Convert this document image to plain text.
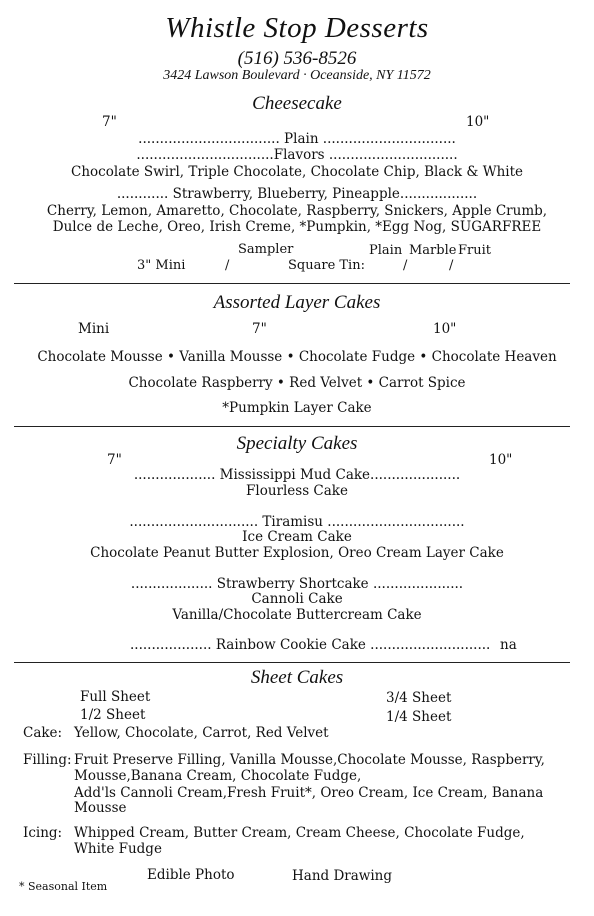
Whistle Stop Desserts
(516) 536-8526
3424 Lawson Boulevard · Oceanside, NY 11572
Cheesecake
7"	10"
................................. Plain ...............................
................................Flavors ..............................
Chocolate Swirl, Triple Chocolate, Chocolate Chip, Black & White
............ Strawberry, Blueberry, Pineapple..................
Cherry, Lemon, Amaretto, Chocolate, Raspberry, Snickers, Apple Crumb,
Dulce de Leche, Oreo, Irish Creme, *Pumpkin, *Egg Nog, SUGARFREE
Sampler	Plain Marble Fruit
3" Mini	/	Square Tin:	/	/
Assorted Layer Cakes
Mini	7"	10"
Chocolate Mousse • Vanilla Mousse • Chocolate Fudge • Chocolate Heaven
Chocolate Raspberry • Red Velvet • Carrot Spice
*Pumpkin Layer Cake
Specialty Cakes
7"	10"
................... Mississippi Mud Cake.....................
Flourless Cake
.............................. Tiramisu ................................
Ice Cream Cake
Chocolate Peanut Butter Explosion, Oreo Cream Layer Cake
................... Strawberry Shortcake .....................
Cannoli Cake
Vanilla/Chocolate Buttercream Cake
................... Rainbow Cookie Cake ............................ na
Sheet Cakes
Full Sheet	3/4 Sheet
1/2 Sheet	1/4 Sheet
Cake: Yellow, Chocolate, Carrot, Red Velvet
Filling: Fruit Preserve Filling, Vanilla Mousse,Chocolate Mousse, Raspberry,
Mousse,Banana Cream, Chocolate Fudge,
Add'ls Cannoli Cream,Fresh Fruit*, Oreo Cream, Ice Cream, Banana
Mousse
Icing: Whipped Cream, Butter Cream, Cream Cheese, Chocolate Fudge,
White Fudge
Edible Photo	Hand Drawing
* Seasonal Item
